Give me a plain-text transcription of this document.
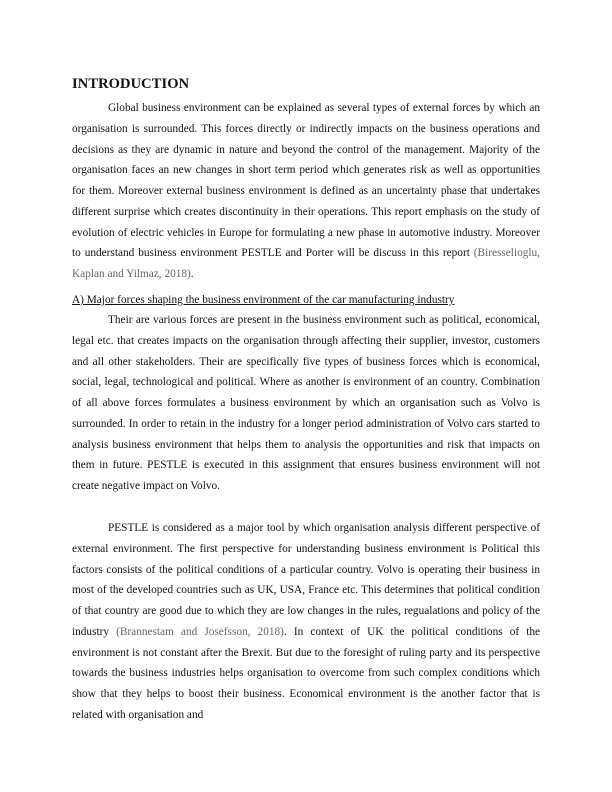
INTRODUCTION

Global business environment can be explained as several types of external forces by which an organisation is surrounded. This forces directly or indirectly impacts on the business operations and decisions as they are dynamic in nature and beyond the control of the management. Majority of the organisation faces an new changes in short term period which generates risk as well as opportunities for them. Moreover external business environment is defined as an uncertainty phase that undertakes different surprise which creates discontinuity in their operations. This report emphasis on the study of evolution of electric vehicles in Europe for formulating a new phase in automotive industry. Moreover to understand business environment PESTLE and Porter will be discuss in this report (Biresselioglu, Kaplan and Yilmaz, 2018).

A) Major forces shaping the business environment of the car manufacturing industry

Their are various forces are present in the business environment such as political, economical, legal etc. that creates impacts on the organisation through affecting their supplier, investor, customers and all other stakeholders. Their are specifically five types of business forces which is economical, social, legal, technological and political. Where as another is environment of an country. Combination of all above forces formulates a business environment by which an organisation such as Volvo is surrounded. In order to retain in the industry for a longer period administration of Volvo cars started to analysis business environment that helps them to analysis the opportunities and risk that impacts on them in future. PESTLE is executed in this assignment that ensures business environment will not create negative impact on Volvo.

PESTLE is considered as a major tool by which organisation analysis different perspective of external environment. The first perspective for understanding business environment is Political this factors consists of the political conditions of a particular country. Volvo is operating their business in most of the developed countries such as UK, USA, France etc. This determines that political condition of that country are good due to which they are low changes in the rules, regualations and policy of the industry (Brannestam and Josefsson, 2018). In context of UK the political conditions of the environment is not constant after the Brexit. But due to the foresight of ruling party and its perspective towards the business industries helps organisation to overcome from such complex conditions which show that they helps to boost their business. Economical environment is the another factor that is related with organisation and
